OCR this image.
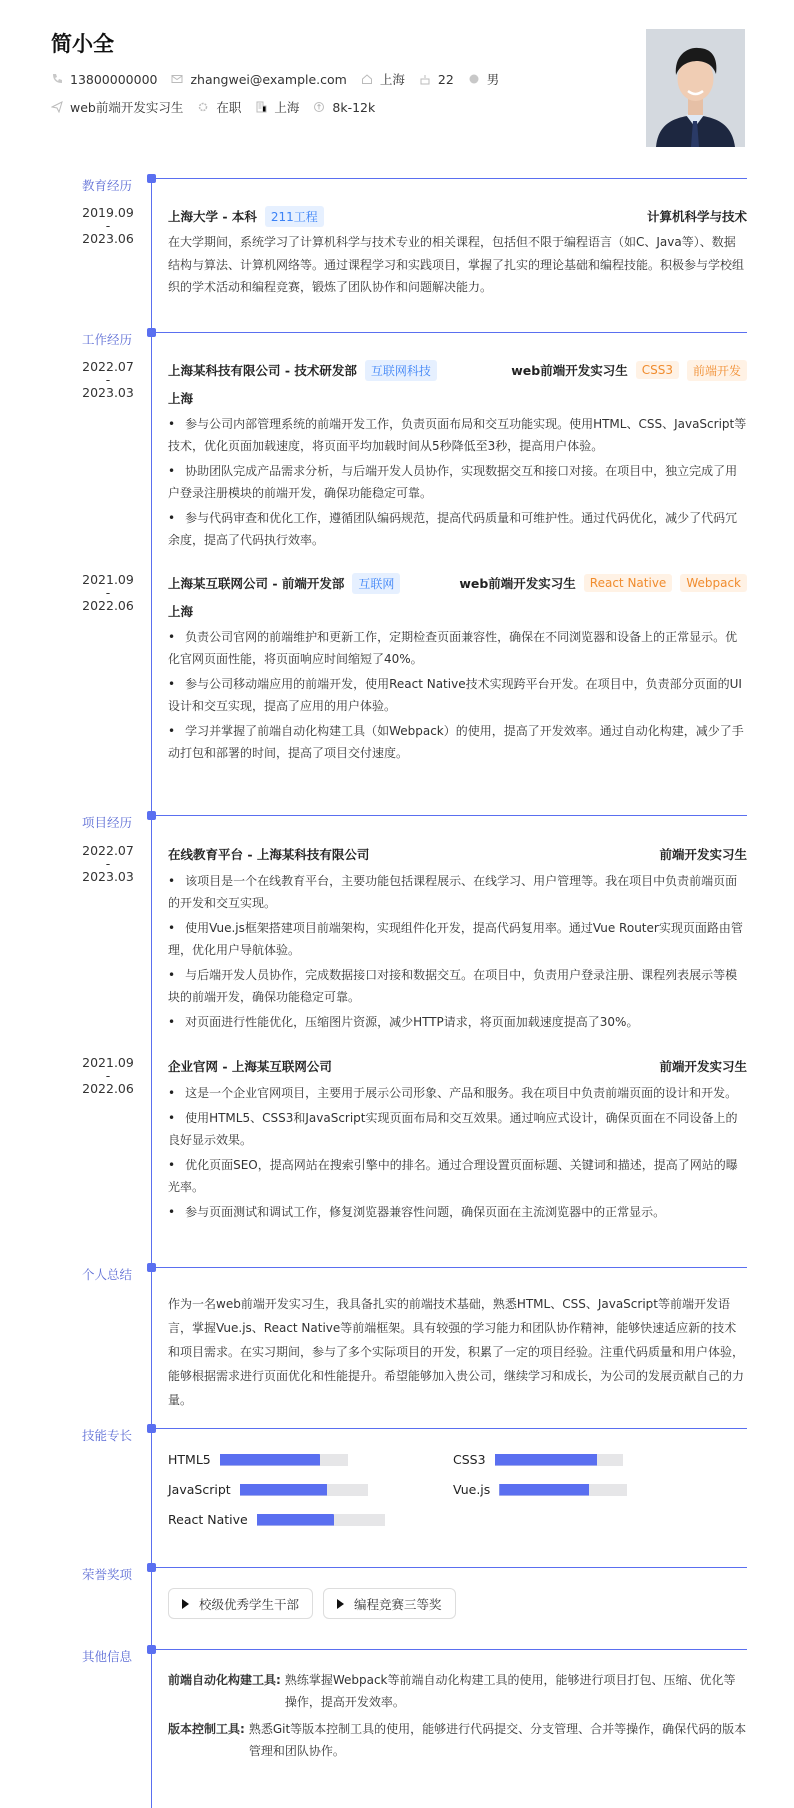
简小全
13800000000	zhangwei@example.com	上海	22	男
web前端开发实习生	在职	上海	8k-12k
教育经历
2019.09
-
2023.06
上海大学 - 本科	211工程	计算机科学与技术
在大学期间，系统学习了计算机科学与技术专业的相关课程，包括但不限于编程语言（如C、Java等）、数据结构与算法、计算机网络等。通过课程学习和实践项目，掌握了扎实的理论基础和编程技能。积极参与学校组织的学术活动和编程竞赛，锻炼了团队协作和问题解决能力。
工作经历
2022.07
-
2023.03
上海某科技有限公司 - 技术研发部	互联网科技	web前端开发实习生	CSS3	前端开发
上海
• 参与公司内部管理系统的前端开发工作，负责页面布局和交互功能实现。使用HTML、CSS、JavaScript等技术，优化页面加载速度，将页面平均加载时间从5秒降低至3秒，提高用户体验。
• 协助团队完成产品需求分析，与后端开发人员协作，实现数据交互和接口对接。在项目中，独立完成了用户登录注册模块的前端开发，确保功能稳定可靠。
• 参与代码审查和优化工作，遵循团队编码规范，提高代码质量和可维护性。通过代码优化，减少了代码冗余度，提高了代码执行效率。
2021.09
-
2022.06
上海某互联网公司 - 前端开发部	互联网	web前端开发实习生	React Native	Webpack
上海
• 负责公司官网的前端维护和更新工作，定期检查页面兼容性，确保在不同浏览器和设备上的正常显示。优化官网页面性能，将页面响应时间缩短了40%。
• 参与公司移动端应用的前端开发，使用React Native技术实现跨平台开发。在项目中，负责部分页面的UI设计和交互实现，提高了应用的用户体验。
• 学习并掌握了前端自动化构建工具（如Webpack）的使用，提高了开发效率。通过自动化构建，减少了手动打包和部署的时间，提高了项目交付速度。
项目经历
2022.07
-
2023.03
在线教育平台 - 上海某科技有限公司	前端开发实习生
• 该项目是一个在线教育平台，主要功能包括课程展示、在线学习、用户管理等。我在项目中负责前端页面的开发和交互实现。
• 使用Vue.js框架搭建项目前端架构，实现组件化开发，提高代码复用率。通过Vue Router实现页面路由管理，优化用户导航体验。
• 与后端开发人员协作，完成数据接口对接和数据交互。在项目中，负责用户登录注册、课程列表展示等模块的前端开发，确保功能稳定可靠。
• 对页面进行性能优化，压缩图片资源，减少HTTP请求，将页面加载速度提高了30%。
2021.09
-
2022.06
企业官网 - 上海某互联网公司	前端开发实习生
• 这是一个企业官网项目，主要用于展示公司形象、产品和服务。我在项目中负责前端页面的设计和开发。
• 使用HTML5、CSS3和JavaScript实现页面布局和交互效果。通过响应式设计，确保页面在不同设备上的良好显示效果。
• 优化页面SEO，提高网站在搜索引擎中的排名。通过合理设置页面标题、关键词和描述，提高了网站的曝光率。
• 参与页面测试和调试工作，修复浏览器兼容性问题，确保页面在主流浏览器中的正常显示。
个人总结
作为一名web前端开发实习生，我具备扎实的前端技术基础，熟悉HTML、CSS、JavaScript等前端开发语言，掌握Vue.js、React Native等前端框架。具有较强的学习能力和团队协作精神，能够快速适应新的技术和项目需求。在实习期间，参与了多个实际项目的开发，积累了一定的项目经验。注重代码质量和用户体验，能够根据需求进行页面优化和性能提升。希望能够加入贵公司，继续学习和成长，为公司的发展贡献自己的力量。
技能专长
HTML5	CSS3
JavaScript	Vue.js
React Native
荣誉奖项
校级优秀学生干部	编程竞赛三等奖
其他信息
前端自动化构建工具: 熟练掌握Webpack等前端自动化构建工具的使用，能够进行项目打包、压缩、优化等操作，提高开发效率。
版本控制工具: 熟悉Git等版本控制工具的使用，能够进行代码提交、分支管理、合并等操作，确保代码的版本管理和团队协作。
